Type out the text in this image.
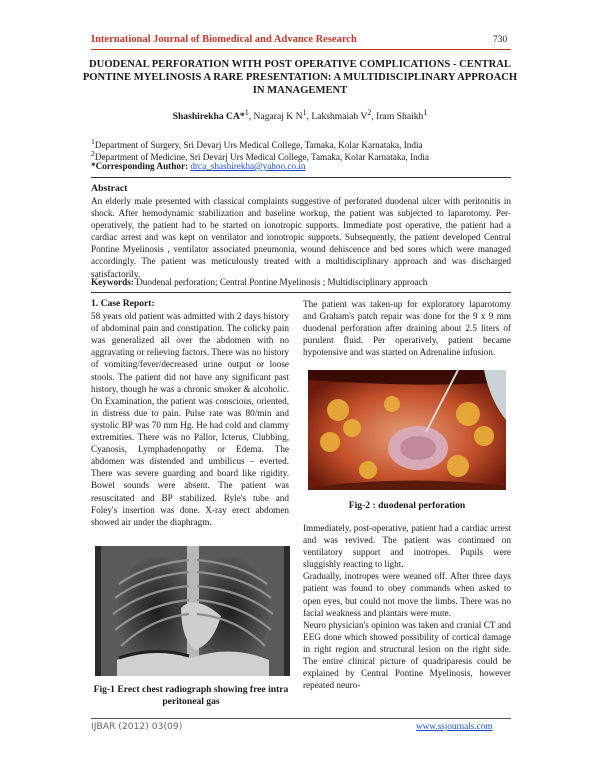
International Journal of Biomedical and Advance Research	730
DUODENAL PERFORATION WITH POST OPERATIVE COMPLICATIONS - CENTRAL PONTINE MYELINOSIS A RARE PRESENTATION: A MULTIDISCIPLINARY APPROACH IN MANAGEMENT
Shashirekha CA*$^1$, Nagaraj K $N^1$, Lakshmaiah $V^2$, Iram Shaikh$^1$
$^1$Department of Surgery, Sri Devarj Urs Medical College, Tamaka, Kolar Karnataka, India
$^2$Department of Medicine, Sri Devarj Urs Medical College, Tamaka, Kolar Karnataka, India
*Corresponding Author: drca_shashirekha@yahoo.co.in
Abstract
An elderly male presented with classical complaints suggestive of perforated duodenal ulcer with peritonitis in shock. After hemodynamic stabilization and baseline workup, the patient was subjected to laparotomy. Per-operatively, the patient had to be started on ionotropic supports. Immediate post operative, the patient had a cardiac arrest and was kept on ventilator and ionotropic supports. Subsequently, the patient developed Central Pontine Myelinosis , ventilator associated pneumonia, wound dehiscence and bed sores which were managed accordingly. The patient was meticulously treated with a multidisciplinary approach and was discharged satisfactorily.
Keywords: Duodenal perforation; Central Pontine Myelinosis ; Multidisciplinary approach
1. Case Report:
58 years old patient was admitted with 2 days history of abdominal pain and constipation. The colicky pain was generalized all over the abdomen with no aggravating or relieving factors. There was no history of vomiting/fever/decreased urine output or loose stools. The patient did not have any significant past history, though he was a chronic smoker & alcoholic. On Examination, the patient was conscious, oriented, in distress due to pain. Pulse rate was 80/min and systolic BP was 70 mm Hg. He had cold and clammy extremities. There was no Pallor, Icterus, Clubbing, Cyanosis, Lymphadenopathy or Edema. The abdomen was distended and umbilicus – everted. There was severe guarding and board like rigidity. Bowel sounds were absent. The patient was resuscitated and BP stabilized. Ryle's tube and Foley's insertion was done. X-ray erect abdomen showed air under the diaphragm.
Fig-1 Erect chest radiograph showing free intra peritoneal gas
The patient was taken-up for exploratory laparotomy and Graham's patch repair was done for the 9 x 9 mm duodenal perforation after draining about 2.5 liters of purulent fluid. Per operatively, patient became hypotensive and was started on Adrenaline infusion.
Fig-2 : duodenal perforation

Immediately, post-operative, patient had a cardiac arrest and was revived. The patient was continued on ventilatory support and inotropes. Pupils were sluggishly reacting to light.

Gradually, inotropes were weaned off. After three days patient was found to obey commands when asked to open eyes, but could not move the limbs. There was no facial weakness and plantars were mute.

Neuro physician's opinion was taken and cranial CT and EEG done which showed possibility of cortical damage in right region and structural lesion on the right side. The entire clinical picture of quadriparesis could be explained by Central Pontine Myelinosis, however repeated neuro-

IJBAR (2012) 03(09)	www.ssjournals.com
